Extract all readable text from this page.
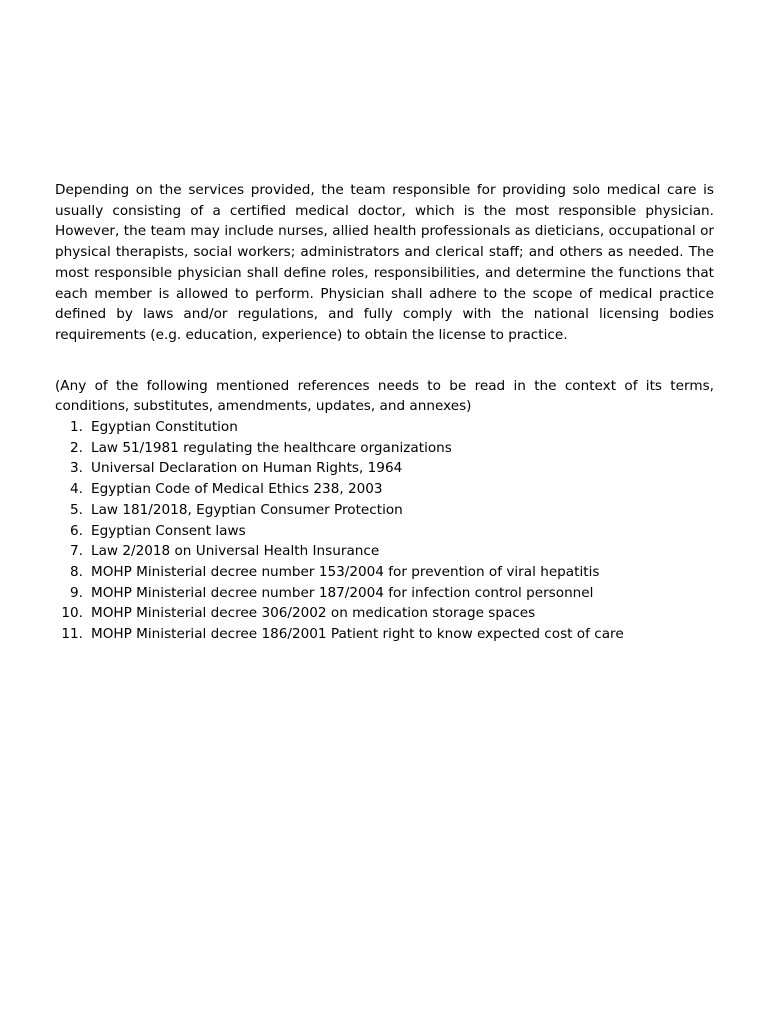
Depending on the services provided, the team responsible for providing solo medical care is usually consisting of a certified medical doctor, which is the most responsible physician. However, the team may include nurses, allied health professionals as dieticians, occupational or physical therapists, social workers; administrators and clerical staff; and others as needed. The most responsible physician shall define roles, responsibilities, and determine the functions that each member is allowed to perform. Physician shall adhere to the scope of medical practice defined by laws and/or regulations, and fully comply with the national licensing bodies requirements (e.g. education, experience) to obtain the license to practice.

(Any of the following mentioned references needs to be read in the context of its terms, conditions, substitutes, amendments, updates, and annexes)

1. Egyptian Constitution
2. Law 51/1981 regulating the healthcare organizations
3. Universal Declaration on Human Rights, 1964
4. Egyptian Code of Medical Ethics 238, 2003
5. Law 181/2018, Egyptian Consumer Protection
6. Egyptian Consent laws
7. Law 2/2018 on Universal Health Insurance
8. MOHP Ministerial decree number 153/2004 for prevention of viral hepatitis
9. MOHP Ministerial decree number 187/2004 for infection control personnel
10. MOHP Ministerial decree 306/2002 on medication storage spaces
11. MOHP Ministerial decree 186/2001 Patient right to know expected cost of care
